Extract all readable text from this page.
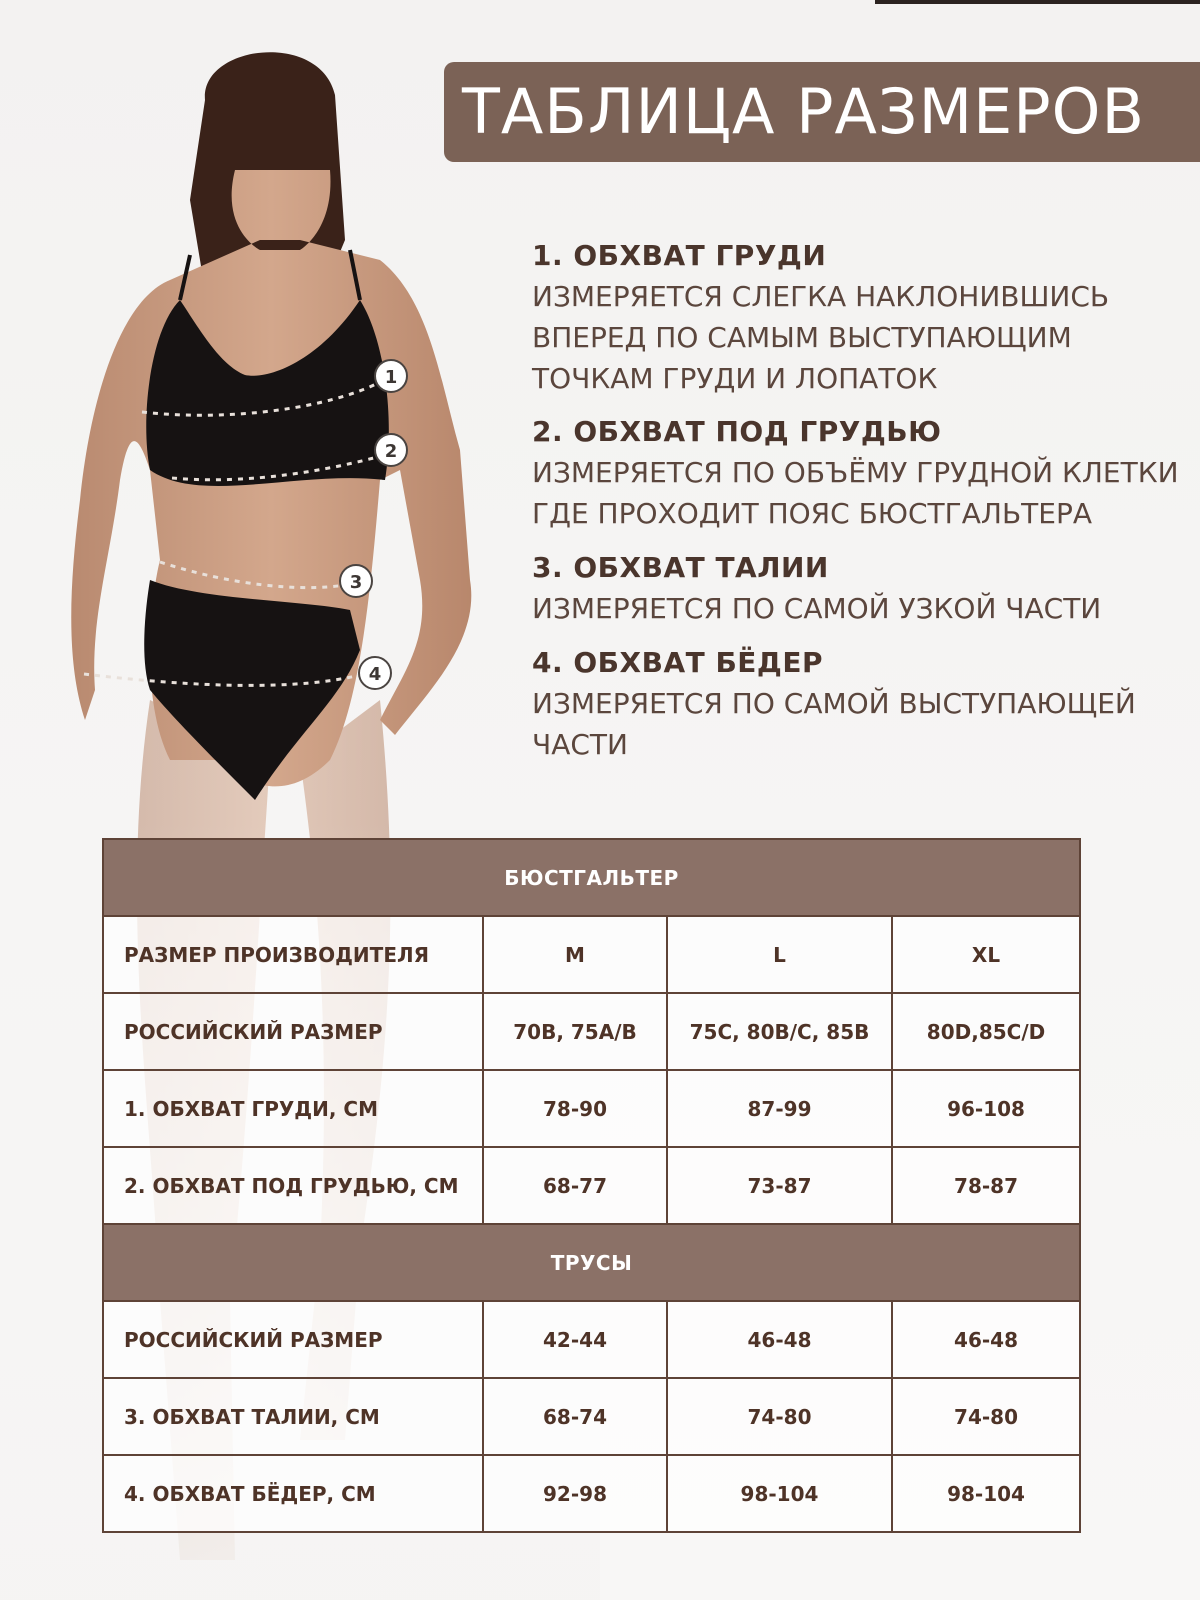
1
2
3
4
ТАБЛИЦА РАЗМЕРОВ
1. ОБХВАТ ГРУДИ
ИЗМЕРЯЕТСЯ СЛЕГКА НАКЛОНИВШИСЬ
ВПЕРЕД ПО САМЫМ ВЫСТУПАЮЩИМ
ТОЧКАМ ГРУДИ И ЛОПАТОК
2. ОБХВАТ ПОД ГРУДЬЮ
ИЗМЕРЯЕТСЯ ПО ОБЪЁМУ ГРУДНОЙ КЛЕТКИ
ГДЕ ПРОХОДИТ ПОЯС БЮСТГАЛЬТЕРА
3. ОБХВАТ ТАЛИИ
ИЗМЕРЯЕТСЯ ПО САМОЙ УЗКОЙ ЧАСТИ
4. ОБХВАТ БЁДЕР
ИЗМЕРЯЕТСЯ ПО САМОЙ ВЫСТУПАЮЩЕЙ
ЧАСТИ
БЮСТГАЛЬТЕР			
РАЗМЕР ПРОИЗВОДИТЕЛЯ	M	L	XL
РОССИЙСКИЙ РАЗМЕР	70B, 75A/B	75C, 80B/C, 85B	80D,85C/D
1. ОБХВАТ ГРУДИ, СМ	78-90	87-99	96-108
2. ОБХВАТ ПОД ГРУДЬЮ, СМ	68-77	73-87	78-87
ТРУСЫ			
РОССИЙСКИЙ РАЗМЕР	42-44	46-48	46-48
3. ОБХВАТ ТАЛИИ, СМ	68-74	74-80	74-80
4. ОБХВАТ БЁДЕР, СМ	92-98	98-104	98-104
